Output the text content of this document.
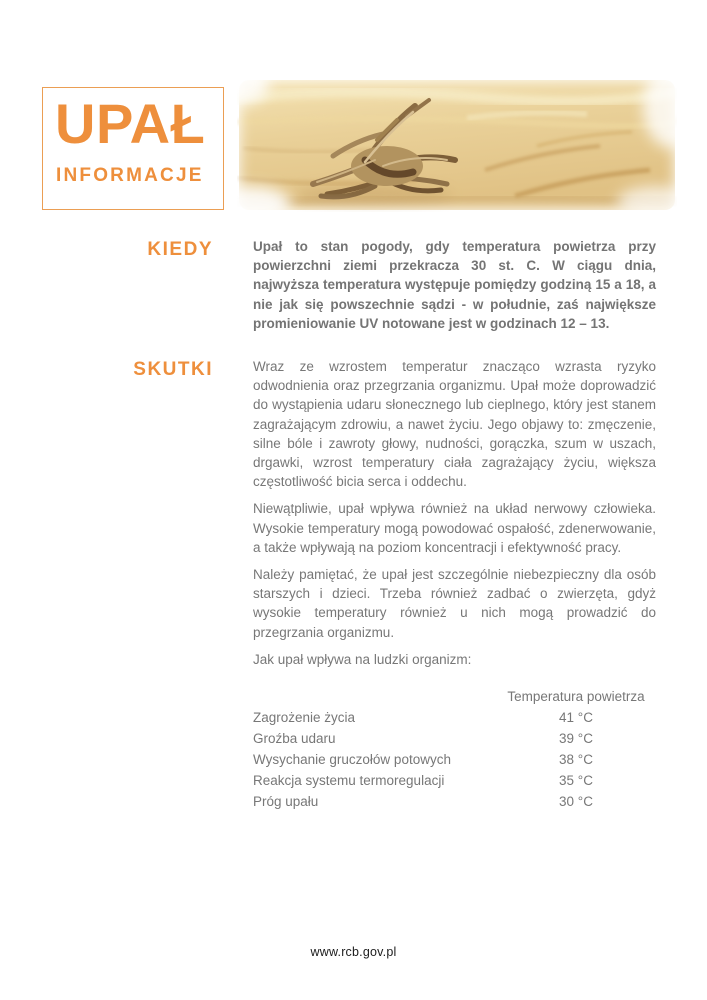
UPAŁ
INFORMACJE
KIEDY	Upał to stan pogody, gdy temperatura powietrza przy powierzchni ziemi przekracza 30 st. C. W ciągu dnia, najwyższa temperatura występuje pomiędzy godziną 15 a 18, a nie jak się powszechnie sądzi - w południe, zaś największe promieniowanie UV notowane jest w godzinach 12 – 13.

SKUTKI	Wraz ze wzrostem temperatur znacząco wzrasta ryzyko odwodnienia oraz przegrzania organizmu. Upał może doprowadzić do wystąpienia udaru słonecznego lub cieplnego, który jest stanem zagrażającym zdrowiu, a nawet życiu. Jego objawy to: zmęczenie, silne bóle i zawroty głowy, nudności, gorączka, szum w uszach, drgawki, wzrost temperatury ciała zagrażający życiu, większa częstotliwość bicia serca i oddechu.

Niewątpliwie, upał wpływa również na układ nerwowy człowieka. Wysokie temperatury mogą powodować ospałość, zdenerwowanie, a także wpływają na poziom koncentracji i efektywność pracy.

Należy pamiętać, że upał jest szczególnie niebezpieczny dla osób starszych i dzieci. Trzeba również zadbać o zwierzęta, gdyż wysokie temperatury również u nich mogą prowadzić do przegrzania organizmu.

Jak upał wpływa na ludzki organizm:

Temperatura powietrza
Zagrożenie życia	41 °C
Groźba udaru	39 °C
Wysychanie gruczołów potowych	38 °C
Reakcja systemu termoregulacji	35 °C
Próg upału	30 °C
www.rcb.gov.pl
